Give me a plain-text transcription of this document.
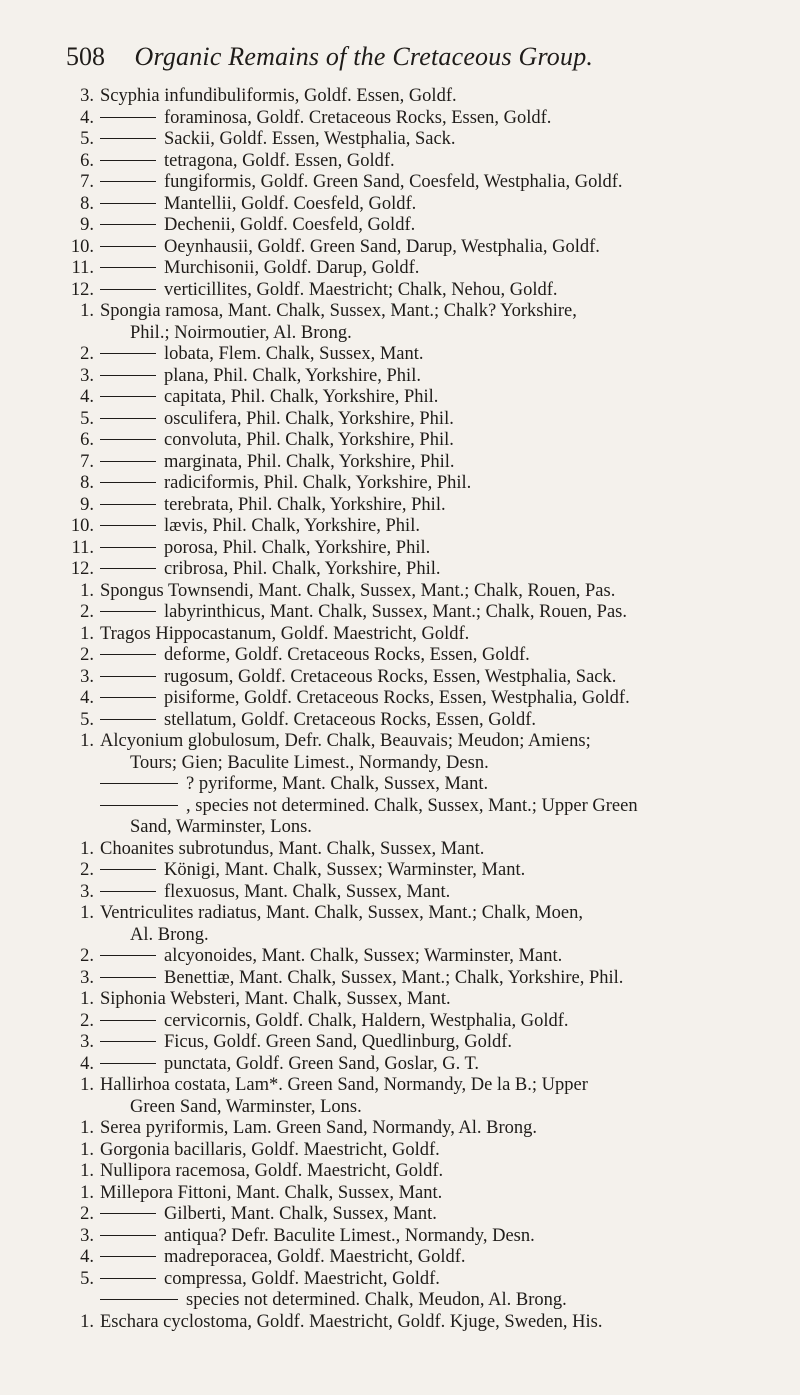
508 Organic Remains of the Cretaceous Group.
3. Scyphia infundibuliformis, Goldf. Essen, Goldf.
4.	foraminosa, Goldf. Cretaceous Rocks, Essen, Goldf.
5.	Sackii, Goldf. Essen, Westphalia, Sack.
6.	tetragona, Goldf. Essen, Goldf.
7.	fungiformis, Goldf. Green Sand, Coesfeld, Westphalia, Goldf.
8.	Mantellii, Goldf. Coesfeld, Goldf.
9.	Dechenii, Goldf. Coesfeld, Goldf.
10.	Oeynhausii, Goldf. Green Sand, Darup, Westphalia, Goldf.
11.	Murchisonii, Goldf. Darup, Goldf.
12.	verticillites, Goldf. Maestricht; Chalk, Nehou, Goldf.
1. Spongia ramosa, Mant. Chalk, Sussex, Mant.; Chalk? Yorkshire,
Phil.; Noirmoutier, Al. Brong.
2.	lobata, Flem. Chalk, Sussex, Mant.
3.	plana, Phil. Chalk, Yorkshire, Phil.
4.	capitata, Phil. Chalk, Yorkshire, Phil.
5.	osculifera, Phil. Chalk, Yorkshire, Phil.
6.	convoluta, Phil. Chalk, Yorkshire, Phil.
7.	marginata, Phil. Chalk, Yorkshire, Phil.
8.	radiciformis, Phil. Chalk, Yorkshire, Phil.
9.	terebrata, Phil. Chalk, Yorkshire, Phil.
10.	lævis, Phil. Chalk, Yorkshire, Phil.
11.	porosa, Phil. Chalk, Yorkshire, Phil.
12.	cribrosa, Phil. Chalk, Yorkshire, Phil.
1. Spongus Townsendi, Mant. Chalk, Sussex, Mant.; Chalk, Rouen, Pas.
2.	labyrinthicus, Mant. Chalk, Sussex, Mant.; Chalk, Rouen, Pas.
1. Tragos Hippocastanum, Goldf. Maestricht, Goldf.
2.	deforme, Goldf. Cretaceous Rocks, Essen, Goldf.
3.	rugosum, Goldf. Cretaceous Rocks, Essen, Westphalia, Sack.
4.	pisiforme, Goldf. Cretaceous Rocks, Essen, Westphalia, Goldf.
5.	stellatum, Goldf. Cretaceous Rocks, Essen, Goldf.
1. Alcyonium globulosum, Defr. Chalk, Beauvais; Meudon; Amiens;
Tours; Gien; Baculite Limest., Normandy, Desn.
? pyriforme, Mant. Chalk, Sussex, Mant.
, species not determined. Chalk, Sussex, Mant.; Upper Green
Sand, Warminster, Lons.
1. Choanites subrotundus, Mant. Chalk, Sussex, Mant.
2.	Königi, Mant. Chalk, Sussex; Warminster, Mant.
3.	flexuosus, Mant. Chalk, Sussex, Mant.
1. Ventriculites radiatus, Mant. Chalk, Sussex, Mant.; Chalk, Moen,
Al. Brong.
2.	alcyonoides, Mant. Chalk, Sussex; Warminster, Mant.
3.	Benettiæ, Mant. Chalk, Sussex, Mant.; Chalk, Yorkshire, Phil.
1. Siphonia Websteri, Mant. Chalk, Sussex, Mant.
2.	cervicornis, Goldf. Chalk, Haldern, Westphalia, Goldf.
3.	Ficus, Goldf. Green Sand, Quedlinburg, Goldf.
4.	punctata, Goldf. Green Sand, Goslar, G. T.
1. Hallirhoa costata, Lam*. Green Sand, Normandy, De la B.; Upper
Green Sand, Warminster, Lons.
1. Serea pyriformis, Lam. Green Sand, Normandy, Al. Brong.
1. Gorgonia bacillaris, Goldf. Maestricht, Goldf.
1. Nullipora racemosa, Goldf. Maestricht, Goldf.
1. Millepora Fittoni, Mant. Chalk, Sussex, Mant.
2.	Gilberti, Mant. Chalk, Sussex, Mant.
3.	antiqua? Defr. Baculite Limest., Normandy, Desn.
4.	madreporacea, Goldf. Maestricht, Goldf.
5.	compressa, Goldf. Maestricht, Goldf.
species not determined. Chalk, Meudon, Al. Brong.
1. Eschara cyclostoma, Goldf. Maestricht, Goldf. Kjuge, Sweden, His.
